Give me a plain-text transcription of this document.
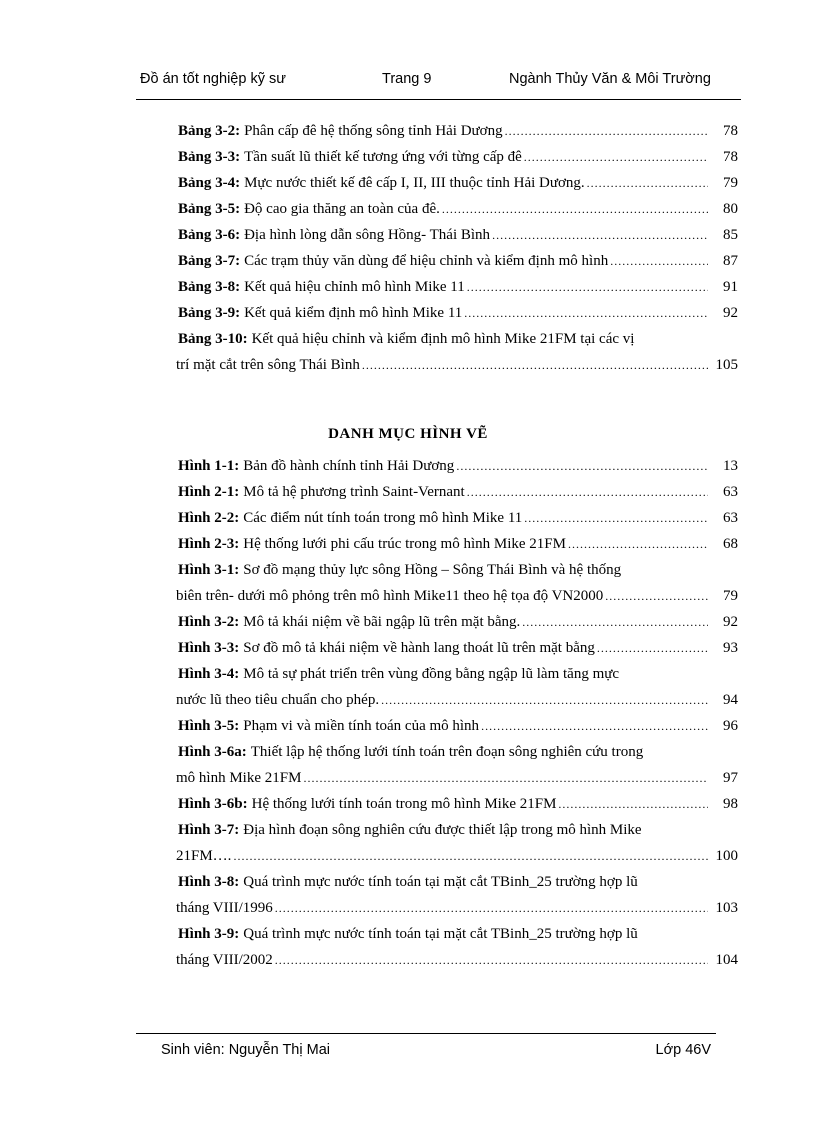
Đồ án tốt nghiệp kỹ sư	Trang 9	Ngành Thủy Văn & Môi Trường
Bảng 3-2: Phân cấp đê hệ thống sông tỉnh Hải Dương .....	78
Bảng 3-3: Tần suất lũ thiết kế tương ứng với từng cấp đê .....	78
Bảng 3-4: Mực nước thiết kế đê cấp I, II, III thuộc tỉnh Hải Dương. .....	79
Bảng 3-5: Độ cao gia thăng an toàn của đê. .....	80
Bảng 3-6: Địa hình lòng dẫn sông Hồng- Thái Bình .....	85
Bảng 3-7: Các trạm thủy văn dùng để hiệu chỉnh và kiểm định mô hình .....	87
Bảng 3-8: Kết quả hiệu chỉnh mô hình Mike 11 .....	91
Bảng 3-9: Kết quả kiểm định mô hình Mike 11 .....	92
Bảng 3-10: Kết quả hiệu chỉnh và kiểm định mô hình Mike 21FM tại các vị
trí mặt cắt trên sông Thái Bình .....	105
DANH MỤC HÌNH VẼ
Hình 1-1: Bản đồ hành chính tỉnh Hải Dương .....	13
Hình 2-1: Mô tả hệ phương trình Saint-Vernant .....	63
Hình 2-2: Các điểm nút tính toán trong mô hình Mike 11 .....	63
Hình 2-3: Hệ thống lưới phi cấu trúc trong mô hình Mike 21FM .....	68
Hình 3-1: Sơ đồ mạng thủy lực sông Hồng – Sông Thái Bình và hệ thống
biên trên- dưới mô phỏng trên mô hình Mike11 theo hệ tọa độ VN2000 .....	79
Hình 3-2: Mô tả khái niệm về bãi ngập lũ trên mặt bằng. .....	92
Hình 3-3: Sơ đồ mô tả khái niệm về hành lang thoát lũ trên mặt bằng .....	93
Hình 3-4: Mô tả sự phát triển trên vùng đồng bằng ngập lũ làm tăng mực
nước lũ theo tiêu chuẩn cho phép. .....	94
Hình 3-5: Phạm vi và miền tính toán của mô hình .....	96
Hình 3-6a: Thiết lập hệ thống lưới tính toán trên đoạn sông nghiên cứu trong
mô hình Mike 21FM .....	97
Hình 3-6b: Hệ thống lưới tính toán trong mô hình Mike 21FM .....	98
Hình 3-7: Địa hình đoạn sông nghiên cứu được thiết lập trong mô hình Mike
21FM…. .....	100
Hình 3-8: Quá trình mực nước tính toán tại mặt cắt TBinh_25 trường hợp lũ
tháng VIII/1996 .....	103
Hình 3-9: Quá trình mực nước tính toán tại mặt cắt TBinh_25 trường hợp lũ
tháng VIII/2002 .....	104
Sinh viên: Nguyễn Thị Mai	Lớp 46V
